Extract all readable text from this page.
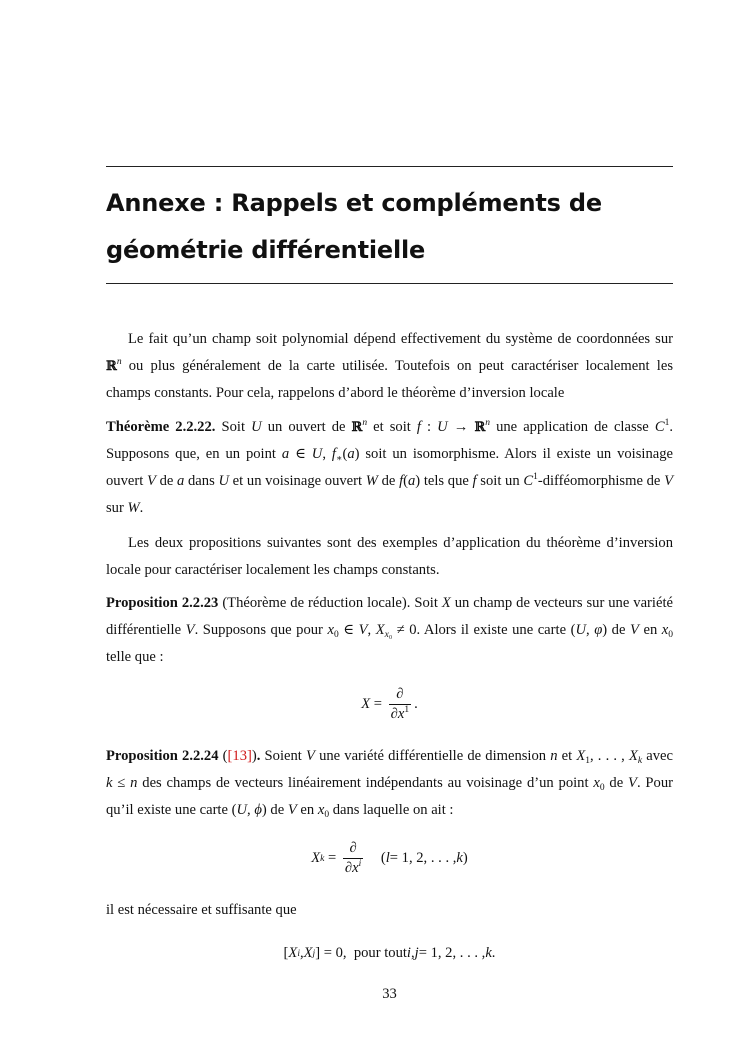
Annexe : Rappels et compléments de géométrie différentielle

Le fait qu’un champ soit polynomial dépend effectivement du système de coordonnées sur ℝ$^n$ ou plus généralement de la carte utilisée. Toutefois on peut caractériser localement les champs constants. Pour cela, rappelons d’abord le théorème d’inversion locale

Théorème 2.2.22. Soit U un ouvert de ℝ$^n$ et soit f : U → ℝ$^n$ une application de classe $C^1$. Supposons que, en un point a ∈ U, $f_∗(a)$ soit un isomorphisme. Alors il existe un voisinage ouvert V de a dans U et un voisinage ouvert W de f(a) tels que f soit un $C^1$-difféomorphisme de V sur W.

Les deux propositions suivantes sont des exemples d’application du théorème d’inversion locale pour caractériser localement les champs constants.

Proposition 2.2.23 (Théorème de réduction locale). Soit X un champ de vecteurs sur une variété différentielle V. Supposons que pour $x_0$ ∈ V, $X_{x_0} \ne 0$. Alors il existe une carte (U, φ) de V en $x_0$ telle que :

$X = \frac{\partial}{\partial x^1}$ .

Proposition 2.2.24 ([13]). Soient V une variété différentielle de dimension n et $X_1$, . . . , $X_k$ avec k ≤ n des champs de vecteurs linéairement indépendants au voisinage d’un point $x_0$ de V. Pour qu’il existe une carte (U, ϕ) de V en $x_0$ dans laquelle on ait :

X $k = \frac{\partial}{\partial x^i}$ ( l = 1, 2, . . . , k )

il est nécessaire et suffisante que

[ X i , X j ] = 0,  pour tout i , j = 1, 2, . . . , k .
33
